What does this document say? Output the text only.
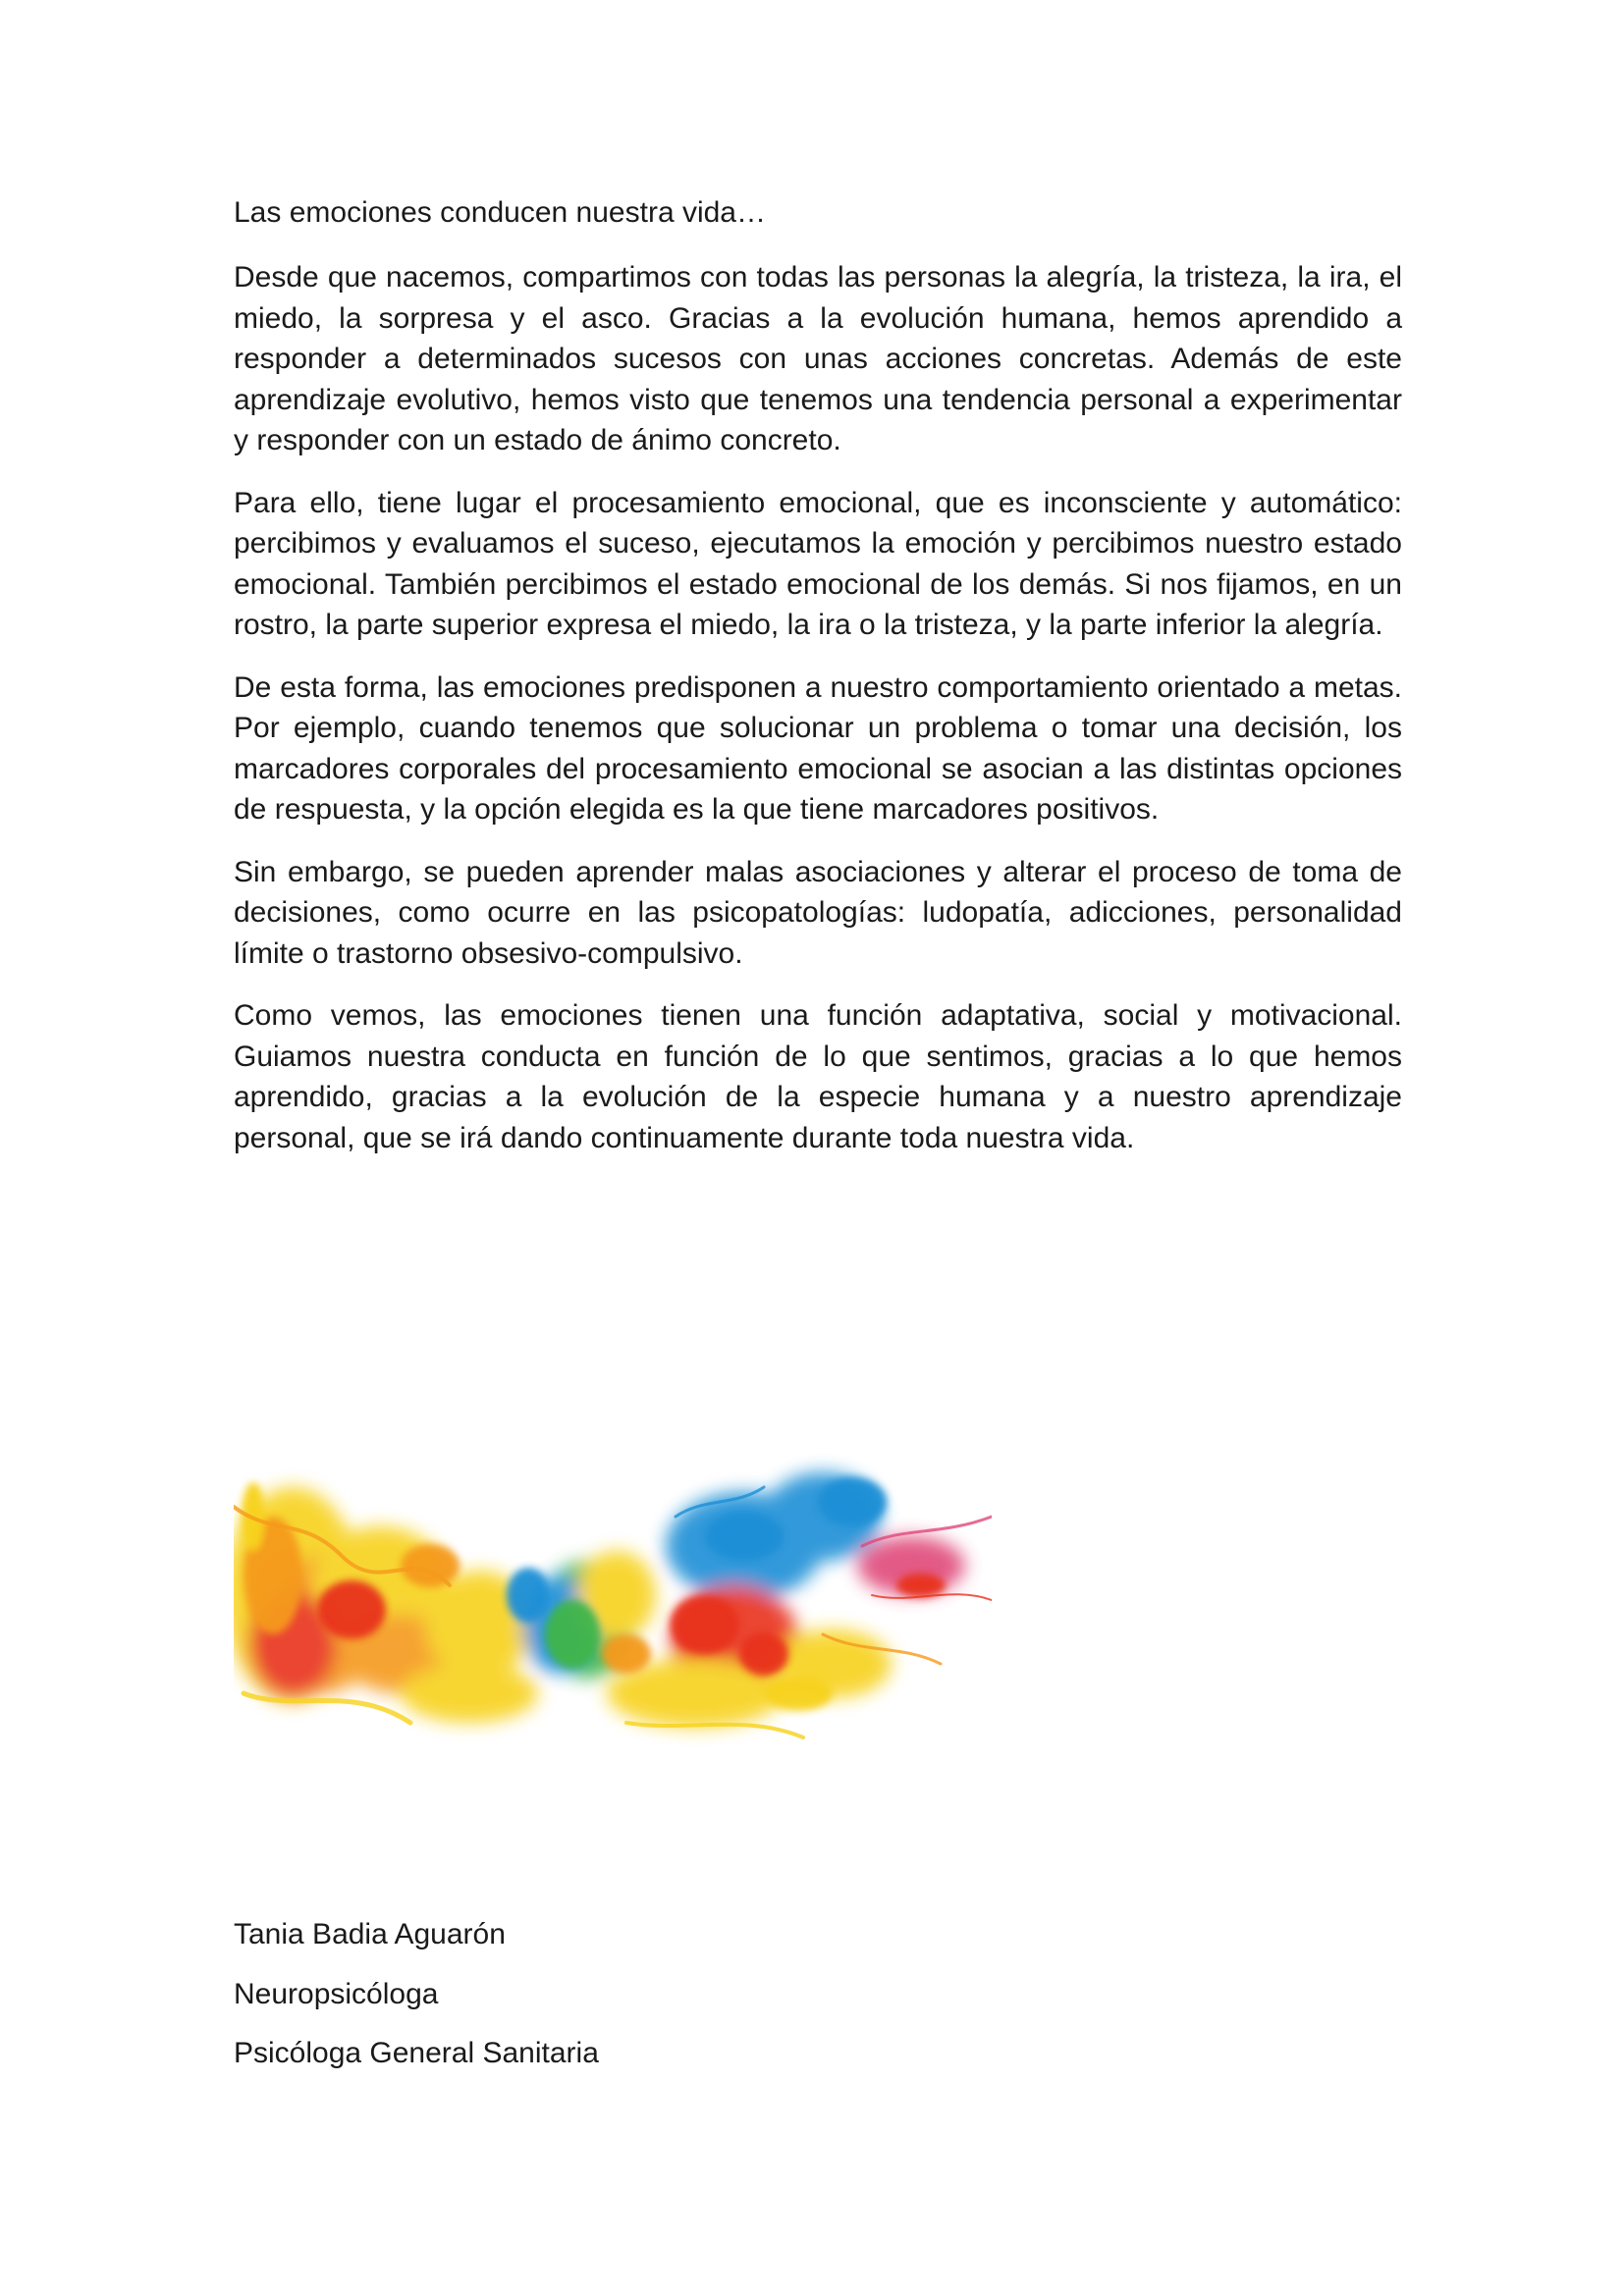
Las emociones conducen nuestra vida…

Desde que nacemos, compartimos con todas las personas la alegría, la tristeza, la ira, el miedo, la sorpresa y el asco. Gracias a la evolución humana, hemos aprendido a responder a determinados sucesos con unas acciones concretas. Además de este aprendizaje evolutivo, hemos visto que tenemos una tendencia personal a experimentar y responder con un estado de ánimo concreto.

Para ello, tiene lugar el procesamiento emocional, que es inconsciente y automático: percibimos y evaluamos el suceso, ejecutamos la emoción y percibimos nuestro estado emocional. También percibimos el estado emocional de los demás. Si nos fijamos, en un rostro, la parte superior expresa el miedo, la ira o la tristeza, y la parte inferior la alegría.

De esta forma, las emociones predisponen a nuestro comportamiento orientado a metas. Por ejemplo, cuando tenemos que solucionar un problema o tomar una decisión, los marcadores corporales del procesamiento emocional se asocian a las distintas opciones de respuesta, y la opción elegida es la que tiene marcadores positivos.

Sin embargo, se pueden aprender malas asociaciones y alterar el proceso de toma de decisiones, como ocurre en las psicopatologías: ludopatía, adicciones, personalidad límite o trastorno obsesivo-compulsivo.

Como vemos, las emociones tienen una función adaptativa, social y motivacional. Guiamos nuestra conducta en función de lo que sentimos, gracias a lo que hemos aprendido, gracias a la evolución de la especie humana y a nuestro aprendizaje personal, que se irá dando continuamente durante toda nuestra vida.

Tania Badia Aguarón
Neuropsicóloga
Psicóloga General Sanitaria
